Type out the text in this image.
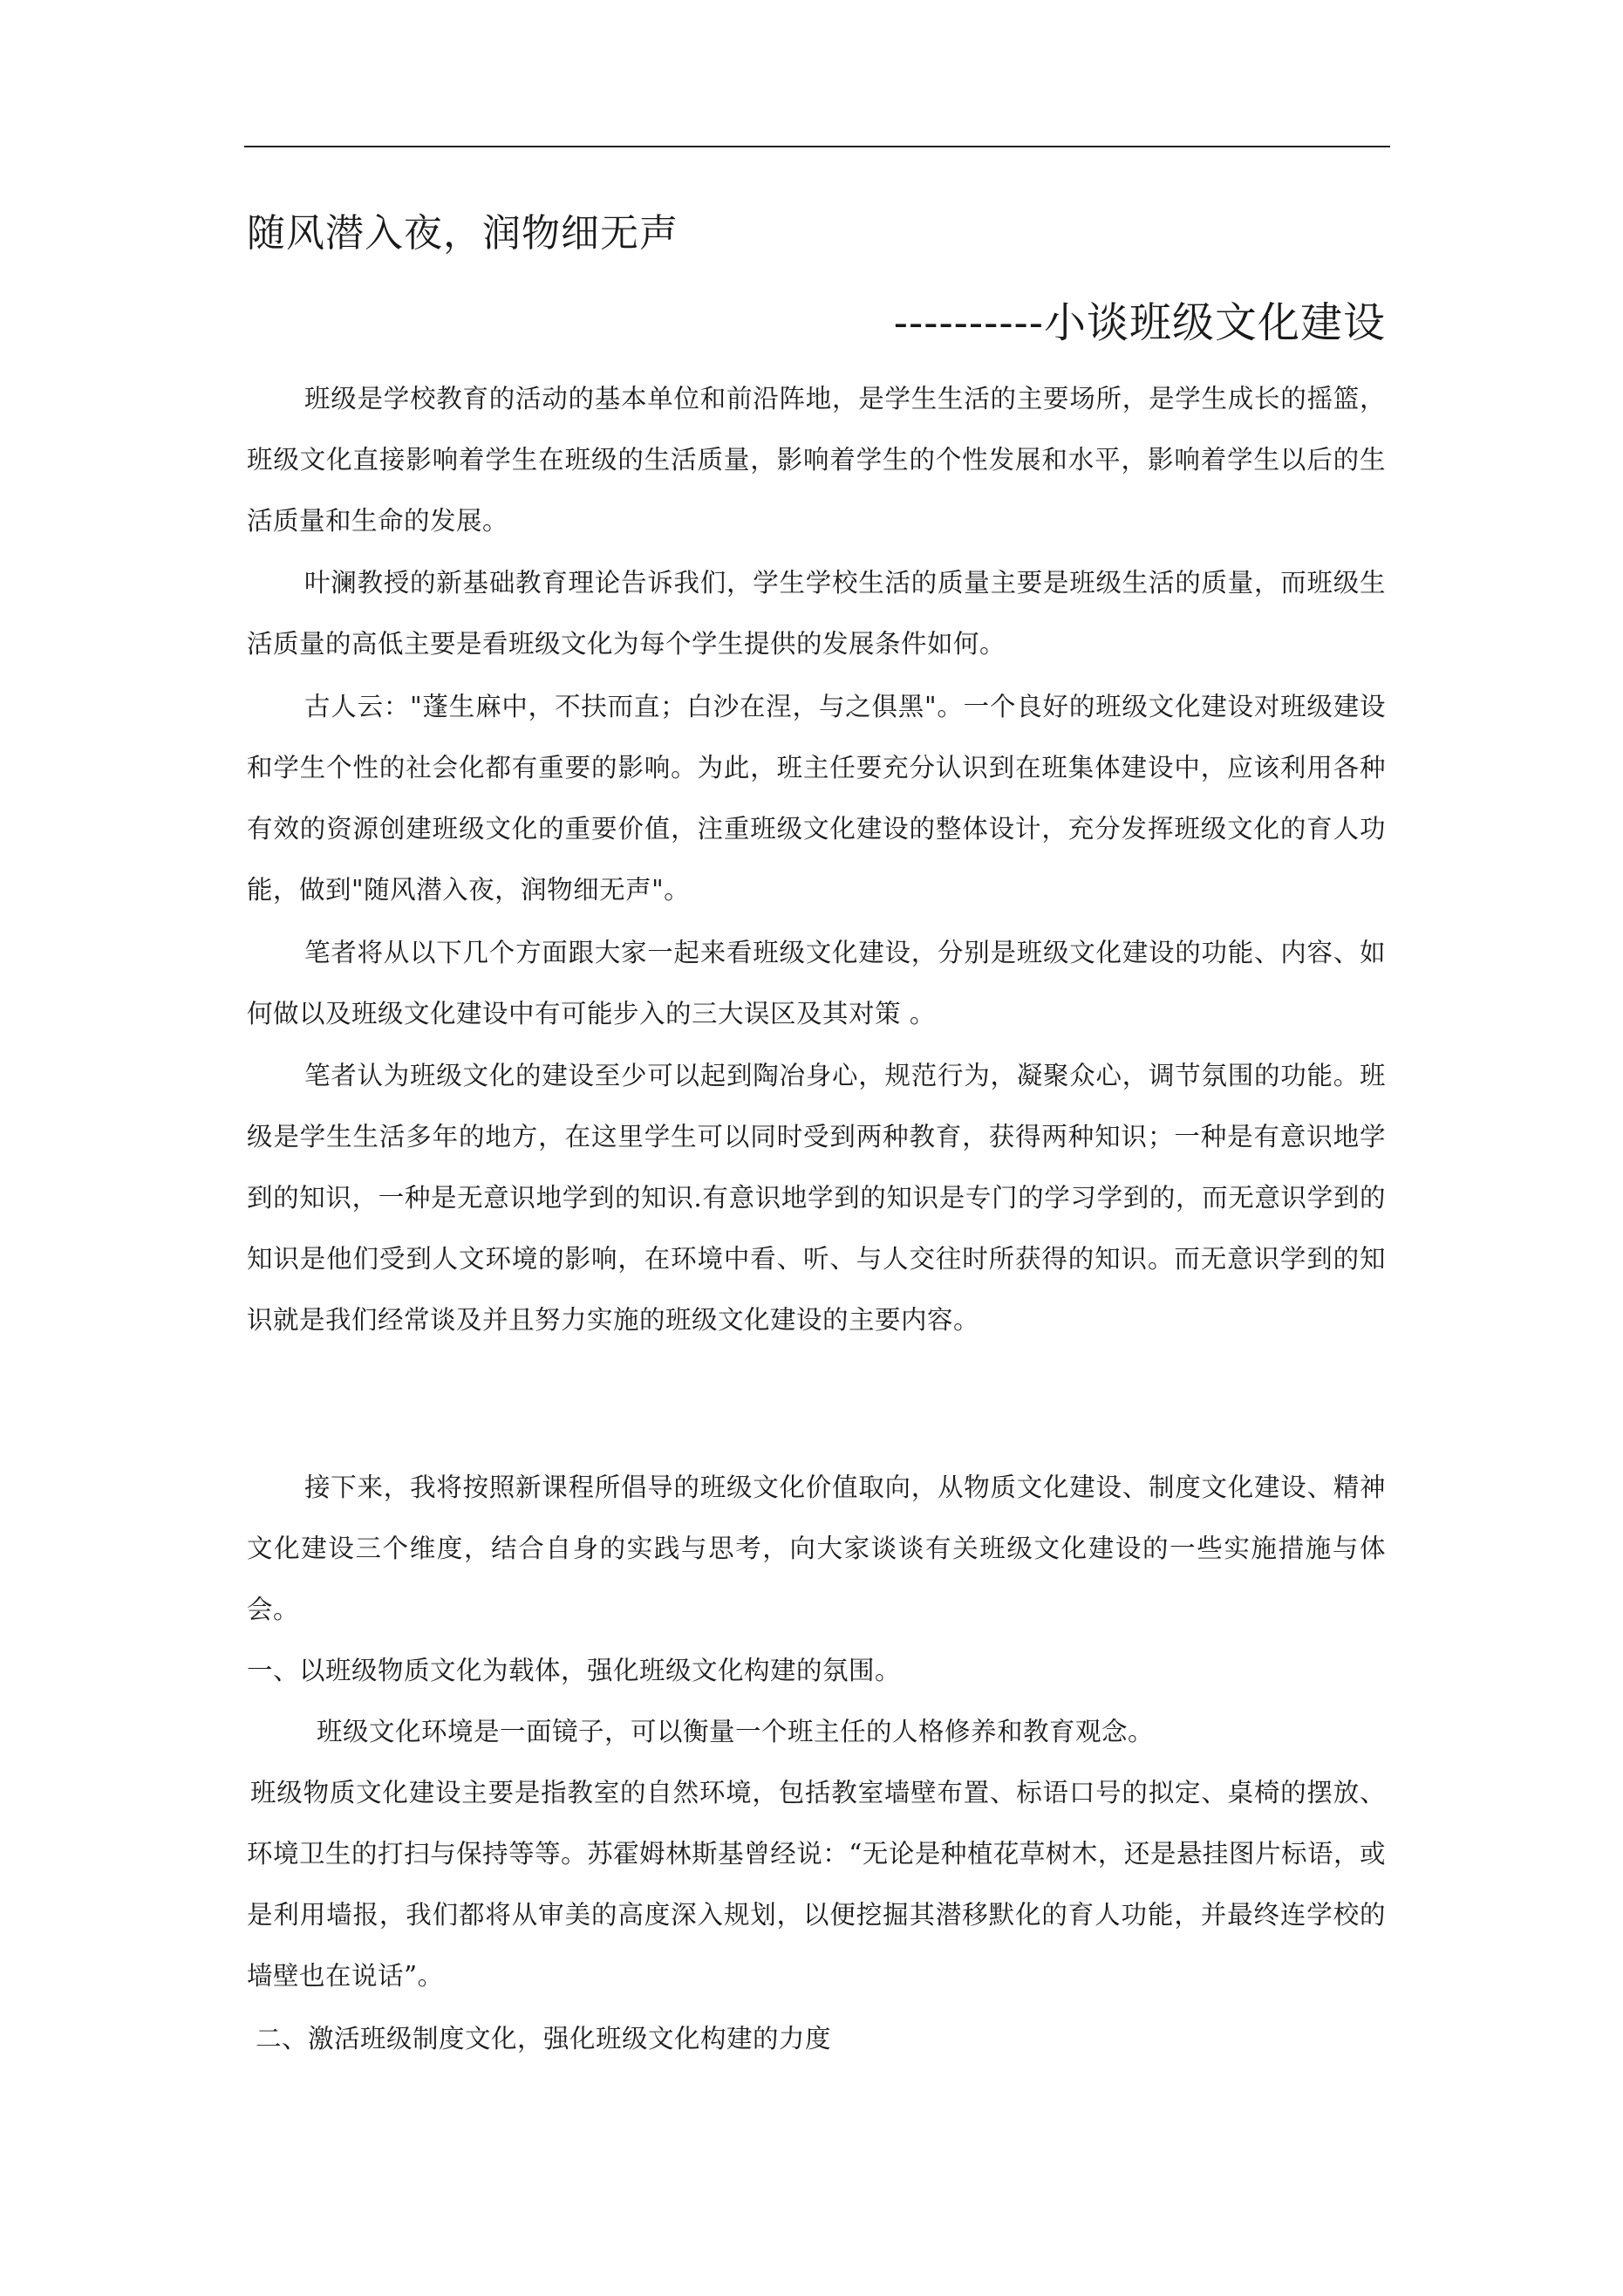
随风潜入夜，润物细无声
----------小谈班级文化建设

班级是学校教育的活动的基本单位和前沿阵地，是学生生活的主要场所，是学生成长的摇篮，班级文化直接影响着学生在班级的生活质量，影响着学生的个性发展和水平，影响着学生以后的生活质量和生命的发展。

叶澜教授的新基础教育理论告诉我们，学生学校生活的质量主要是班级生活的质量，而班级生活质量的高低主要是看班级文化为每个学生提供的发展条件如何。

古人云："蓬生麻中，不扶而直；白沙在涅，与之俱黑"。一个良好的班级文化建设对班级建设和学生个性的社会化都有重要的影响。为此，班主任要充分认识到在班集体建设中，应该利用各种有效的资源创建班级文化的重要价值，注重班级文化建设的整体设计，充分发挥班级文化的育人功能，做到"随风潜入夜，润物细无声"。

笔者将从以下几个方面跟大家一起来看班级文化建设，分别是班级文化建设的功能、内容、如何做以及班级文化建设中有可能步入的三大误区及其对策 。

笔者认为班级文化的建设至少可以起到陶冶身心，规范行为，凝聚众心，调节氛围的功能。班级是学生生活多年的地方，在这里学生可以同时受到两种教育，获得两种知识；一种是有意识地学到的知识，一种是无意识地学到的知识.有意识地学到的知识是专门的学习学到的，而无意识学到的知识是他们受到人文环境的影响，在环境中看、听、与人交往时所获得的知识。而无意识学到的知识就是我们经常谈及并且努力实施的班级文化建设的主要内容。

接下来，我将按照新课程所倡导的班级文化价值取向，从物质文化建设、制度文化建设、精神文化建设三个维度，结合自身的实践与思考，向大家谈谈有关班级文化建设的一些实施措施与体会。

一、以班级物质文化为载体，强化班级文化构建的氛围。

班级文化环境是一面镜子，可以衡量一个班主任的人格修养和教育观念。

班级物质文化建设主要是指教室的自然环境，包括教室墙壁布置、标语口号的拟定、桌椅的摆放、环境卫生的打扫与保持等等。苏霍姆林斯基曾经说：“无论是种植花草树木，还是悬挂图片标语，或是利用墙报，我们都将从审美的高度深入规划，以便挖掘其潜移默化的育人功能，并最终连学校的墙壁也在说话”。

二、激活班级制度文化，强化班级文化构建的力度
